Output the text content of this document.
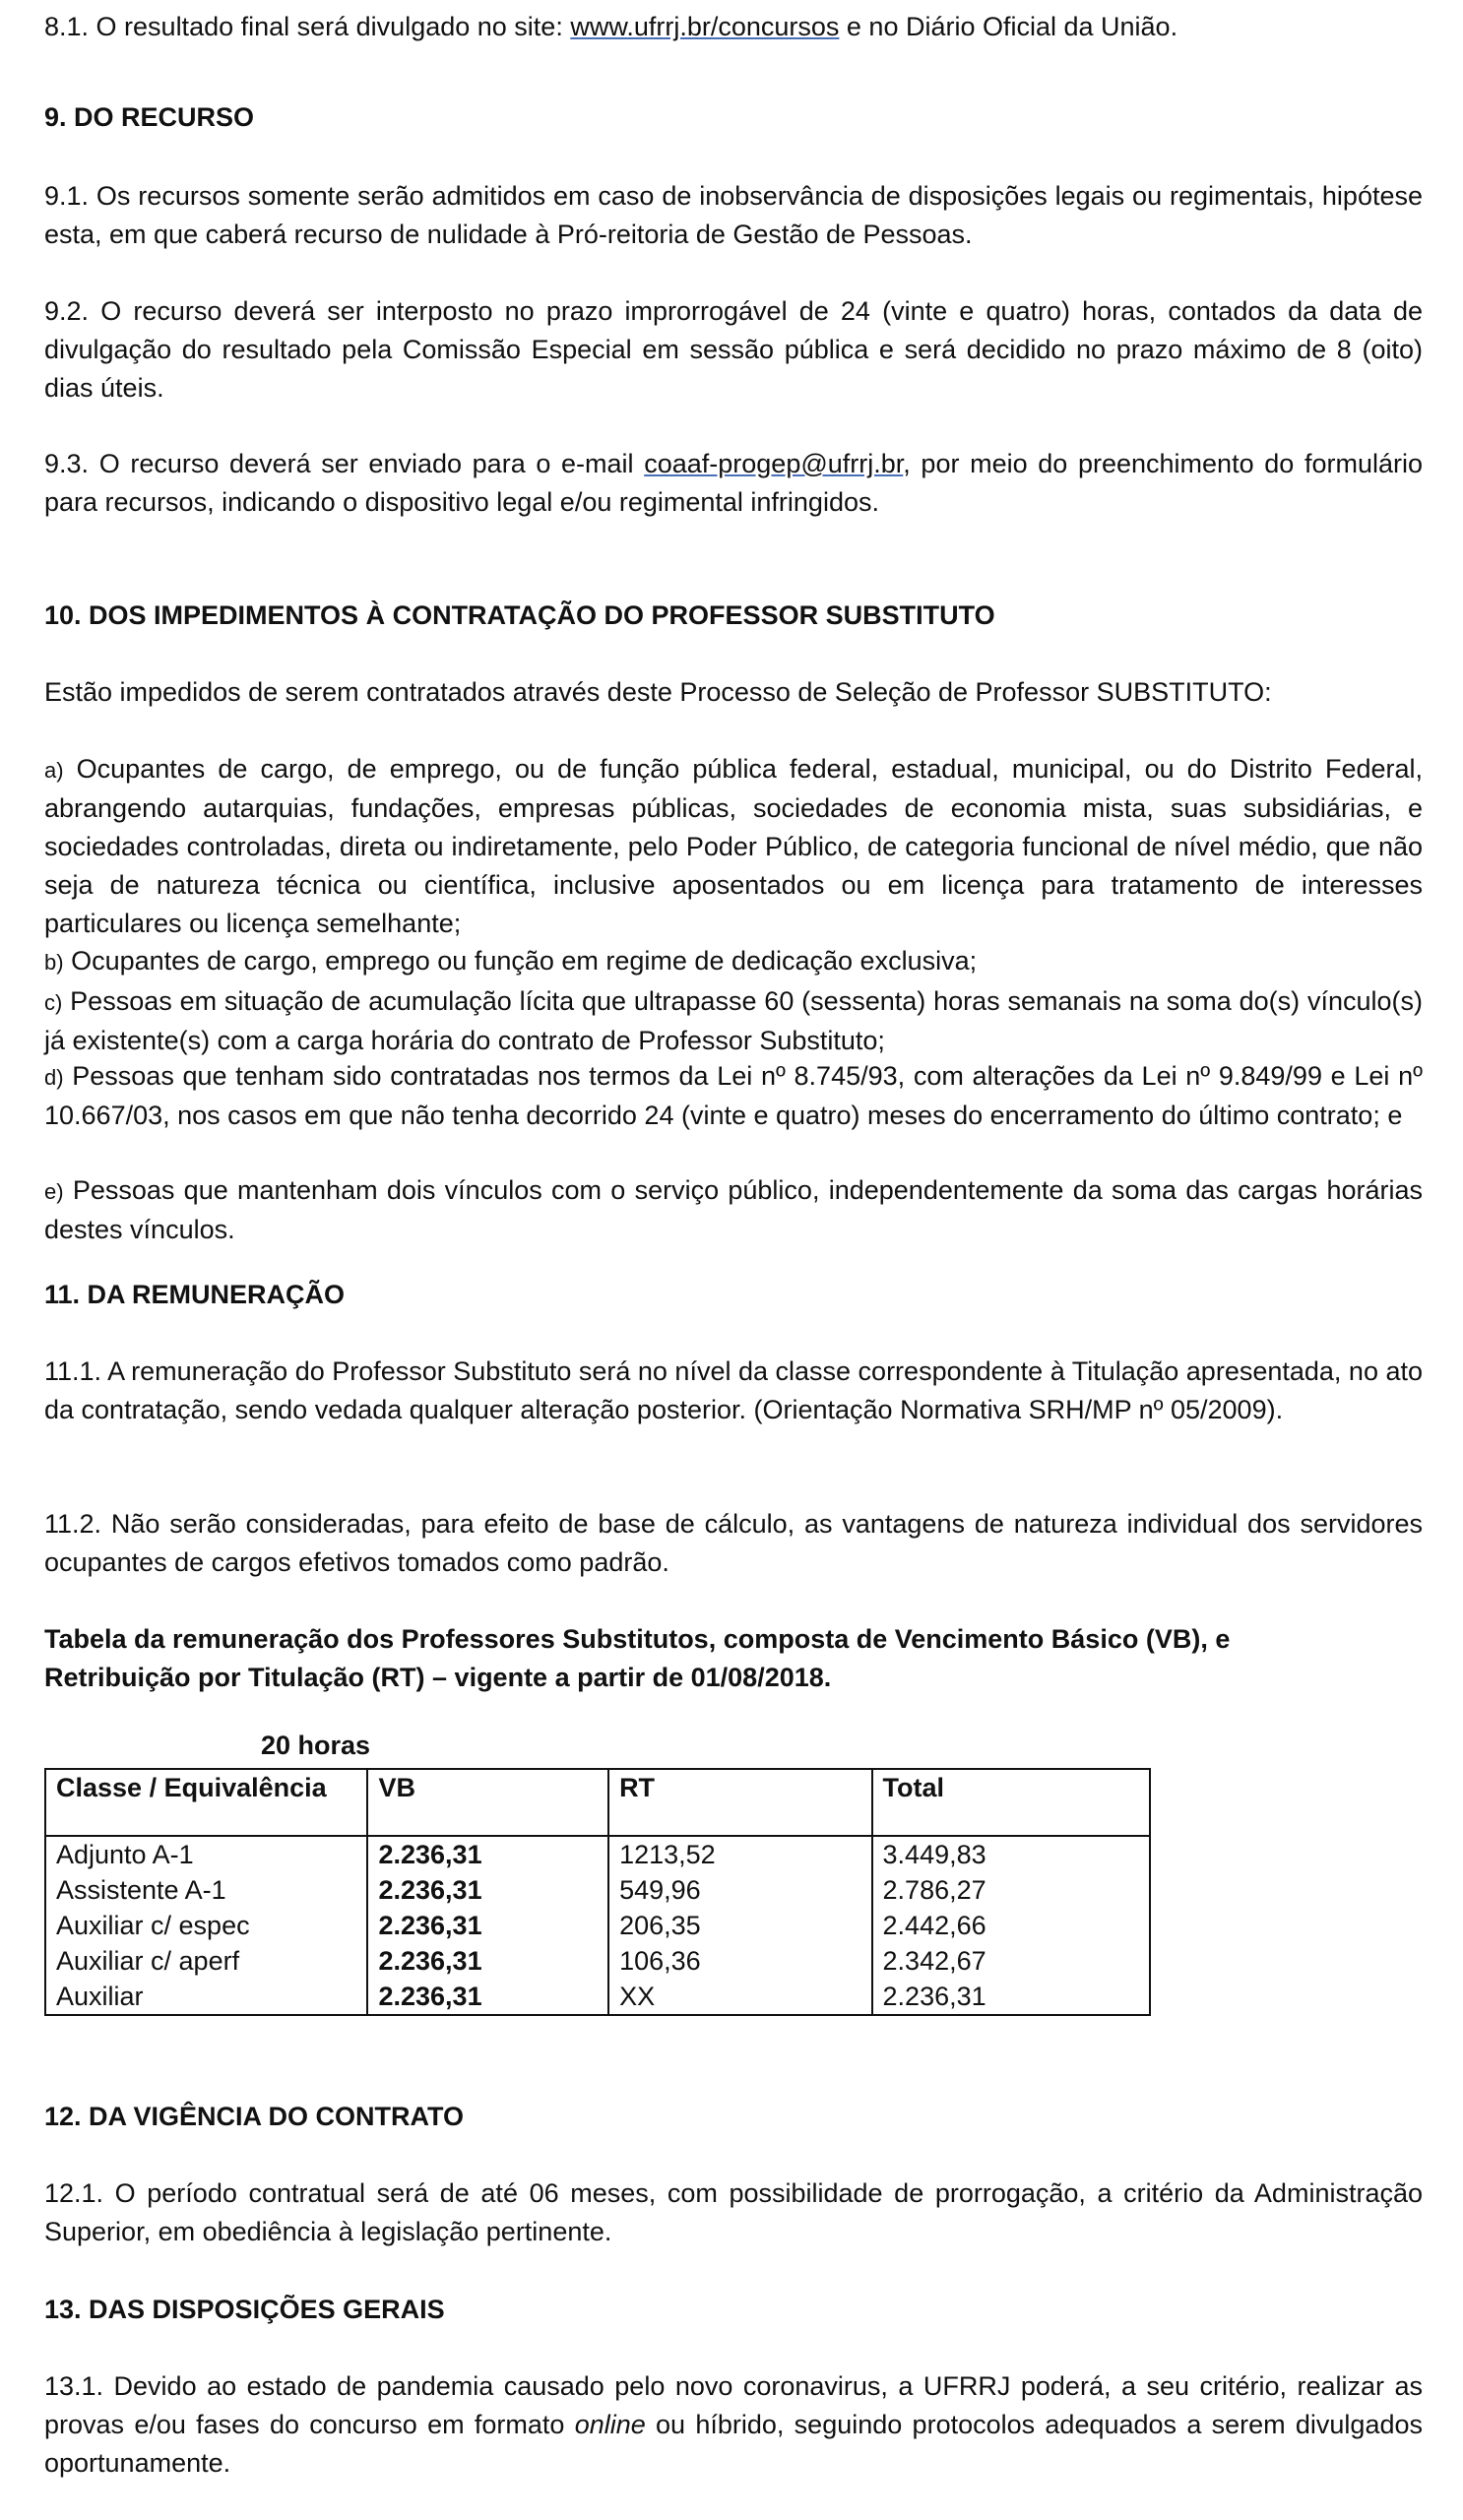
8.1. O resultado final será divulgado no site: www.ufrrj.br/concursos e no Diário Oficial da União.

9. DO RECURSO

9.1. Os recursos somente serão admitidos em caso de inobservância de disposições legais ou regimentais, hipótese esta, em que caberá recurso de nulidade à Pró-reitoria de Gestão de Pessoas.

9.2. O recurso deverá ser interposto no prazo improrrogável de 24 (vinte e quatro) horas, contados da data de divulgação do resultado pela Comissão Especial em sessão pública e será decidido no prazo máximo de 8 (oito) dias úteis.

9.3. O recurso deverá ser enviado para o e-mail coaaf-progep@ufrrj.br, por meio do preenchimento do formulário para recursos, indicando o dispositivo legal e/ou regimental infringidos.

10. DOS IMPEDIMENTOS À CONTRATAÇÃO DO PROFESSOR SUBSTITUTO

Estão impedidos de serem contratados através deste Processo de Seleção de Professor SUBSTITUTO:

a) Ocupantes de cargo, de emprego, ou de função pública federal, estadual, municipal, ou do Distrito Federal, abrangendo autarquias, fundações, empresas públicas, sociedades de economia mista, suas subsidiárias, e sociedades controladas, direta ou indiretamente, pelo Poder Público, de categoria funcional de nível médio, que não seja de natureza técnica ou científica, inclusive aposentados ou em licença para tratamento de interesses particulares ou licença semelhante;

b) Ocupantes de cargo, emprego ou função em regime de dedicação exclusiva;

c) Pessoas em situação de acumulação lícita que ultrapasse 60 (sessenta) horas semanais na soma do(s) vínculo(s) já existente(s) com a carga horária do contrato de Professor Substituto;

d) Pessoas que tenham sido contratadas nos termos da Lei nº 8.745/93, com alterações da Lei nº 9.849/99 e Lei nº 10.667/03, nos casos em que não tenha decorrido 24 (vinte e quatro) meses do encerramento do último contrato; e

e) Pessoas que mantenham dois vínculos com o serviço público, independentemente da soma das cargas horárias destes vínculos.

11. DA REMUNERAÇÃO

11.1. A remuneração do Professor Substituto será no nível da classe correspondente à Titulação apresentada, no ato da contratação, sendo vedada qualquer alteração posterior. (Orientação Normativa SRH/MP nº 05/2009).

11.2. Não serão consideradas, para efeito de base de cálculo, as vantagens de natureza individual dos servidores ocupantes de cargos efetivos tomados como padrão.

Tabela da remuneração dos Professores Substitutos, composta de Vencimento Básico (VB), e Retribuição por Titulação (RT) – vigente a partir de 01/08/2018.

20 horas
Classe / Equivalência	VB	RT	Total
Adjunto A-1	2.236,31	1213,52	3.449,83
Assistente A-1	2.236,31	549,96	2.786,27
Auxiliar c/ espec	2.236,31	206,35	2.442,66
Auxiliar c/ aperf	2.236,31	106,36	2.342,67
Auxiliar	2.236,31	XX	2.236,31

12. DA VIGÊNCIA DO CONTRATO

12.1. O período contratual será de até 06 meses, com possibilidade de prorrogação, a critério da Administração Superior, em obediência à legislação pertinente.

13. DAS DISPOSIÇÕES GERAIS

13.1. Devido ao estado de pandemia causado pelo novo coronavirus, a UFRRJ poderá, a seu critério, realizar as provas e/ou fases do concurso em formato online ou híbrido, seguindo protocolos adequados a serem divulgados oportunamente.
